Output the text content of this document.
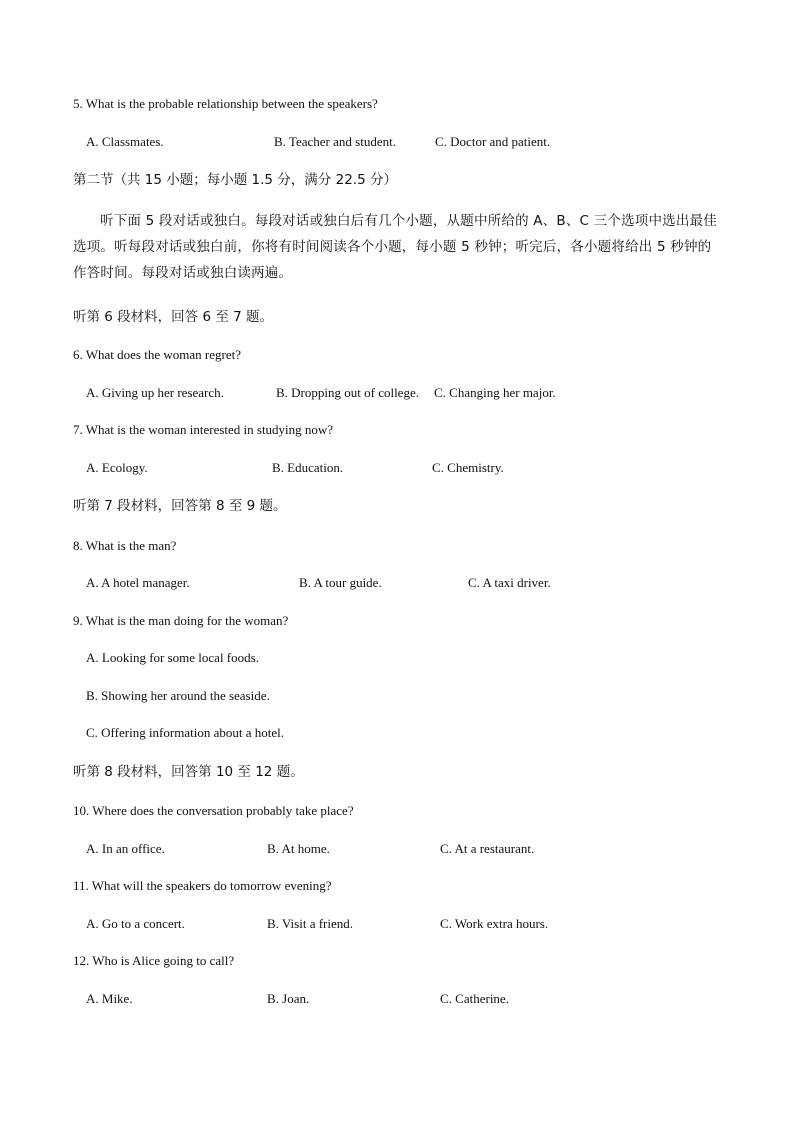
5. What is the probable relationship between the speakers?
A. Classmates.	B. Teacher and student.	C. Doctor and patient.
第二节（共 15 小题；每小题 1.5 分，满分 22.5 分）
听下面 5 段对话或独白。每段对话或独白后有几个小题，从题中所给的 A、B、C 三个选项中选出最佳选项。听每段对话或独白前，你将有时间阅读各个小题，每小题 5 秒钟；听完后，各小题将给出 5 秒钟的作答时间。每段对话或独白读两遍。
听第 6 段材料，回答 6 至 7 题。
6. What does the woman regret?
A. Giving up her research.	B. Dropping out of college. C. Changing her major.
7. What is the woman interested in studying now?
A. Ecology.	B. Education.	C. Chemistry.
听第 7 段材料，回答第 8 至 9 题。
8. What is the man?
A. A hotel manager.	B. A tour guide.	C. A taxi driver.
9. What is the man doing for the woman?
A. Looking for some local foods.
B. Showing her around the seaside.
C. Offering information about a hotel.
听第 8 段材料，回答第 10 至 12 题。
10. Where does the conversation probably take place?
A. In an office.	B. At home.	C. At a restaurant.
11. What will the speakers do tomorrow evening?
A. Go to a concert.	B. Visit a friend.	C. Work extra hours.
12. Who is Alice going to call?
A. Mike.	B. Joan.	C. Catherine.
